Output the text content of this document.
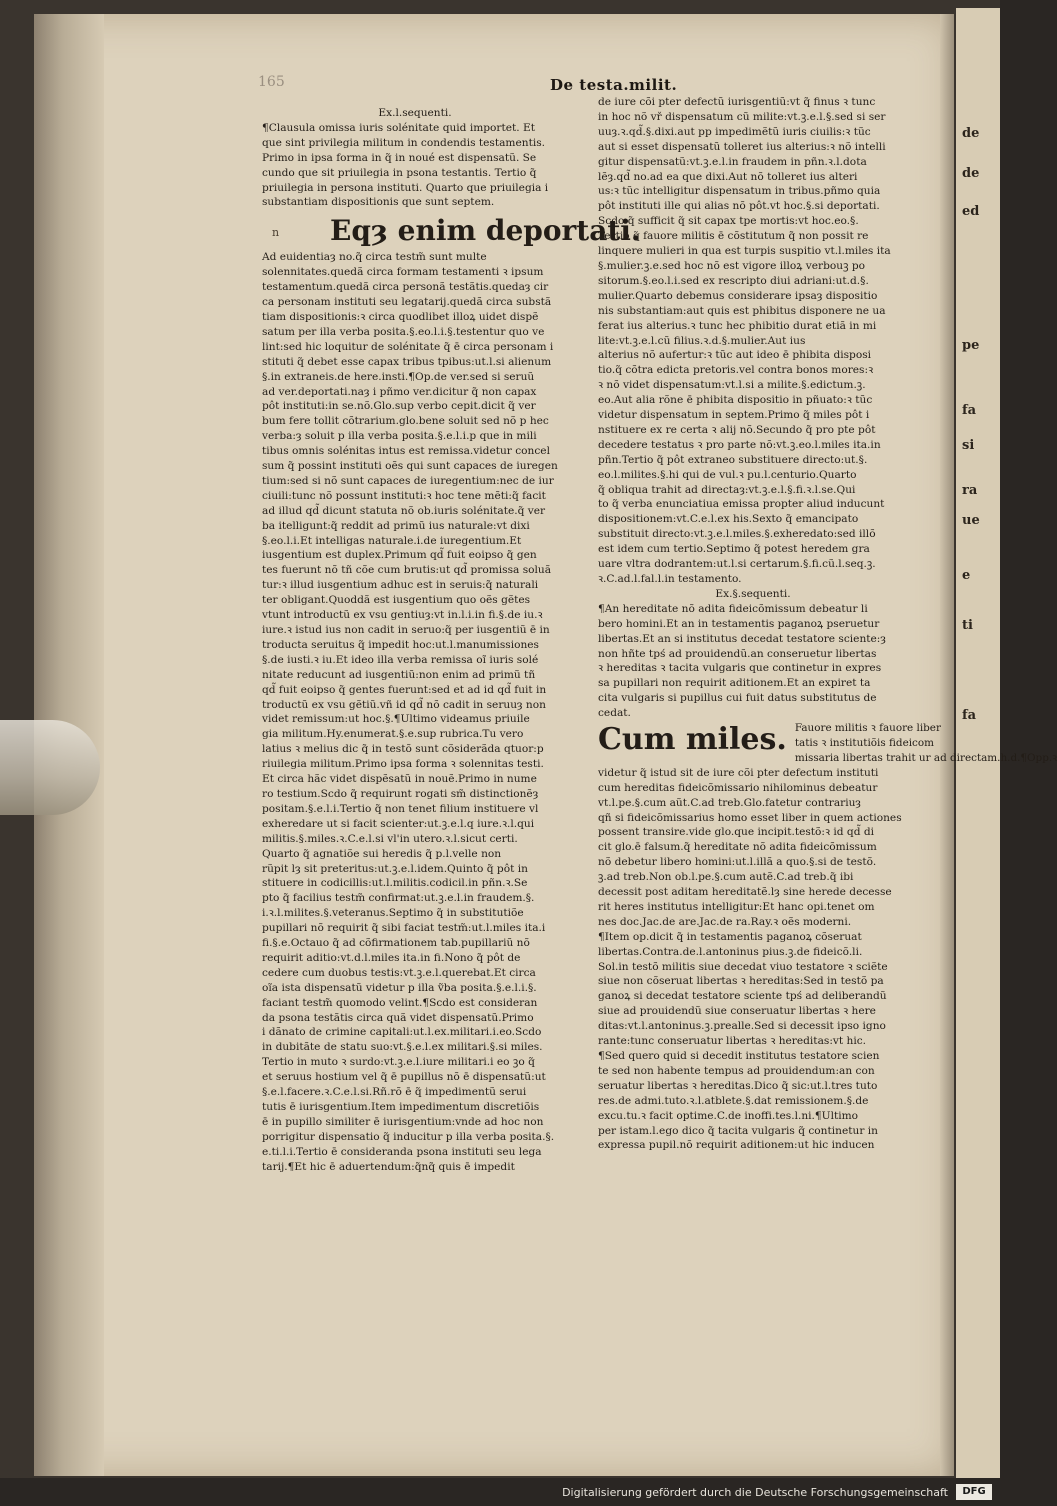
de
de
ed
pe
fa
si
ra
ue
e
ti
fa
165	De testa.milit.
Ex.l.sequenti.
¶Clausula omissa iuris solénitate quid importet. Et
que sint privilegia militum in condendis testamentis.
Primo in ipsa forma in q̃ in noué est dispensatũ. Se
cundo que sit priuilegia in psona testantis. Tertio q̃
priuilegia in persona instituti. Quarto que priuilegia i
substantiam dispositionis que sunt septem.
n	Eqȝ enim deportati.
Ad euidentiaȝ no.q̃ circa testm̃ sunt multe
solennitates.quedã circa formam testamenti ꝛ ipsum
testamentum.quedã circa personã testãtis.quedaȝ cir
ca personam instituti seu legatarij.quedã circa substã
tiam dispositionis:ꝛ circa quodlibet illoꝝ uidet dispẽ
satum per illa verba posita.§.eo.l.i.§.testentur quo ve
lint:sed hic loquitur de solénitate q̃ ē circa personam i
stituti q̃ debet esse capax tribus tpibus:ut.l.si alienum
§.in extraneis.de here.insti.¶Op.de ver.sed si seruũ
ad ver.deportati.naȝ i pñmo ver.dicitur q̃ non capax
pôt instituti:in se.nõ.Glo.sup verbo cepit.dicit q̃ ver
bum fere tollit cõtrarium.glo.bene soluit sed nõ p hec
verba:ȝ soluit p illa verba posita.§.e.l.i.p que in mili
tibus omnis solénitas intus est remissa.videtur concel
sum q̃ possint instituti oẽs qui sunt capaces de iuregen
tium:sed si nõ sunt capaces de iuregentium:nec de iur
ciuili:tunc nõ possunt instituti:ꝛ hoc tene mẽti:q̃ facit
ad illud qd̃ dicunt statuta nõ ob.iuris solénitate.q̃ ver
ba itelligunt:q̃ reddit ad primũ ius naturale:vt dixi
§.eo.l.i.Et intelligas naturale.i.de iuregentium.Et
iusgentium est duplex.Primum qd̃ fuit eoipso q̃ gen
tes fuerunt nõ tñ cõe cum brutis:ut qd̃ promissa soluã
tur:ꝛ illud iusgentium adhuc est in seruis:q̃ naturali
ter obligant.Quoddã est iusgentium quo oẽs gẽtes
vtunt introductũ ex vsu gentiuȝ:vt in.l.i.in fi.§.de iu.ꝛ
iure.ꝛ istud ius non cadit in seruo:q̃ per iusgentiũ ē in
troducta seruitus q̃ impedit hoc:ut.l.manumissiones
§.de iusti.ꝛ iu.Et ideo illa verba remissa oĩ iuris solé
nitate reducunt ad iusgentiũ:non enim ad primũ tñ
qd̃ fuit eoipso q̃ gentes fuerunt:sed et ad id qd̃ fuit in
troductũ ex vsu gẽtiũ.vñ id qd̃ nõ cadit in seruuȝ non
videt remissum:ut hoc.§.¶Ultimo videamus priuile
gia militum.Hy.enumerat.§.e.sup rubrica.Tu vero
latius ꝛ melius dic q̃ in testõ sunt cõsiderãda qtuor:p
riuilegia militum.Primo ipsa forma ꝛ solennitas testi.
Et circa hãc videt dispẽsatũ in nouẽ.Primo in nume
ro testium.Scdo q̃ requirunt rogati sm̃ distinctionẽȝ
positam.§.e.l.i.Tertio q̃ non tenet filium instituere vl
exheredare ut si facit scienter:ut.ꝫ.e.l.q iure.ꝛ.l.qui
militis.§.miles.ꝛ.C.e.l.si vl'in utero.ꝛ.l.sicut certi.
Quarto q̃ agnatiõe sui heredis q̃ p.l.velle non
rũpit lȝ sit preteritus:ut.ꝫ.e.l.idem.Quinto q̃ pôt in
stituere in codicillis:ut.l.militis.codicil.in pñn.ꝛ.Se
pto q̃ facilius testm̃ confirmat:ut.ꝫ.e.l.in fraudem.§.
i.ꝛ.l.milites.§.veteranus.Septimo q̃ in substitutiõe
pupillari nõ requirit q̃ sibi faciat testm̃:ut.l.miles ita.i
fi.§.e.Octauo q̃ ad cõfirmationem tab.pupillariũ nõ
requirit aditio:vt.d.l.miles ita.in fi.Nono q̃ pôt de
cedere cum duobus testis:vt.ꝫ.e.l.querebat.Et circa
oĩa ista dispensatũ videtur p illa ṽba posita.§.e.l.i.§.
faciant testm̃ quomodo velint.¶Scdo est consideran
da psona testãtis circa quã videt dispensatũ.Primo
i dãnato de crimine capitali:ut.l.ex.militari.i.eo.Scdo
in dubitãte de statu suo:vt.§.e.l.ex militari.§.si miles.
Tertio in muto ꝛ surdo:vt.ꝫ.e.l.iure militari.i eo ꝫo q̃
et seruus hostium vel q̃ ē pupillus nõ ē dispensatũ:ut
§.e.l.facere.ꝛ.C.e.l.si.Rñ.rõ ē q̃ impedimentũ serui
tutis ē iurisgentium.Item impedimentum discretiõis
ē in pupillo similiter ē iurisgentium:vnde ad hoc non
porrigitur dispensatio q̃ inducitur p illa verba posita.§.
e.ti.l.i.Tertio ē consideranda psona instituti seu lega
tarij.¶Et hic ē aduertendum:q̃nq̃ quis ē impedit
de iure cõi pter defectũ iurisgentiũ:vt q̃ finus ꝛ tunc
in hoc nõ vř dispensatum cũ milite:vt.ꝫ.e.l.§.sed si ser
uuȝ.ꝛ.qd̃.§.dixi.aut pp impedimẽtũ iuris ciuilis:ꝛ tũc
aut si esset dispensatũ tolleret ius alterius:ꝛ nõ intelli
gitur dispensatũ:vt.ꝫ.e.l.in fraudem in pñn.ꝛ.l.dota
lẽȝ.qd̃ no.ad ea que dixi.Aut nõ tolleret ius alteri
us:ꝛ tũc intelligitur dispensatum in tribus.pñmo quia
pôt instituti ille qui alias nõ pôt.vt hoc.§.si deportati.
Scdo q̃ sufficit q̃ sit capax tpe mortis:vt hoc.eo.§.
Tertio q̃ fauore militis ē cõstitutum q̃ non possit re
linquere mulieri in qua est turpis suspitio vt.l.miles ita
§.mulier.ꝫ.e.sed hoc nõ est vigore illoꝝ verbouꝫ po
sitorum.§.eo.l.i.sed ex rescripto diui adriani:ut.d.§.
mulier.Quarto debemus considerare ipsaȝ dispositio
nis substantiam:aut quis est phibitus disponere ne ua
ferat ius alterius.ꝛ tunc hec phibitio durat etiã in mi
lite:vt.ꝫ.e.l.cũ filius.ꝛ.d.§.mulier.Aut ius
alterius nõ aufertur:ꝛ tũc aut ideo ē phibita disposi
tio.q̃ cõtra edicta pretoris.vel contra bonos mores:ꝛ
ꝛ nõ videt dispensatum:vt.l.si a milite.§.edictum.ꝫ.
eo.Aut alia rõne ē phibita dispositio in pñuato:ꝛ tũc
videtur dispensatum in septem.Primo q̃ miles pôt i
nstituere ex re certa ꝛ alij nõ.Secundo q̃ pro pte pôt
decedere testatus ꝛ pro parte nõ:vt.ꝫ.eo.l.miles ita.in
pñn.Tertio q̃ pôt extraneo substituere directo:ut.§.
eo.l.milites.§.hi qui de vul.ꝛ pu.l.centurio.Quarto
q̃ obliqua trahit ad directaȝ:vt.ꝫ.e.l.§.fi.ꝛ.l.se.Qui
to q̃ verba enunciatiua emissa propter aliud inducunt
dispositionem:vt.C.e.l.ex his.Sexto q̃ emancipato
substituit directo:vt.ꝫ.e.l.miles.§.exheredato:sed illõ
est idem cum tertio.Septimo q̃ potest heredem gra
uare vltra dodrantem:ut.l.si certarum.§.fi.cũ.l.seq.ꝫ.
ꝛ.C.ad.l.fal.l.in testamento.
Ex.§.sequenti.
¶An hereditate nõ adita fideicõmissum debeatur li
bero homini.Et an in testamentis paganoꝝ pseruetur
libertas.Et an si institutus decedat testatore sciente:ȝ
non hñte tpś ad prouidendũ.an conseruetur libertas
ꝛ hereditas ꝛ tacita vulgaris que continetur in expres
sa pupillari non requirit aditionem.Et an expiret ta
cita vulgaris si pupillus cui fuit datus substitutus de
cedat.
Cum miles. Fauore militis ꝛ fauore liber
tatis ꝛ institutiõis fideicom
missaria libertas trahit ur ad directam.h.d.¶Opp.ꝛ
videtur q̃ istud sit de iure cõi pter defectum instituti
cum hereditas fideicõmissario nihilominus debeatur
vt.l.pe.§.cum aũt.C.ad treb.Glo.fatetur contrariuȝ
qñ si fideicõmissarius homo esset liber in quem actiones
possent transire.vide glo.que incipit.testõ:ꝛ id qd̃ di
cit glo.ē falsum.q̃ hereditate nõ adita fideicõmissum
nõ debetur libero homini:ut.l.illã a quo.§.si de testõ.
ꝫ.ad treb.Non ob.l.pe.§.cum autẽ.C.ad treb.q̃ ibi
decessit post aditam hereditatẽ.lȝ sine herede decesse
rit heres institutus intelligitur:Et hanc opi.tenet om
nes doc.Jac.de are.Jac.de ra.Ray.ꝛ oẽs moderni.
¶Item op.dicit q̃ in testamentis paganoꝝ cõseruat
libertas.Contra.de.l.antoninus pius.ꝫ.de fideicõ.li.
Sol.in testõ militis siue decedat viuo testatore ꝛ sciẽte
siue non cõseruat libertas ꝛ hereditas:Sed in testõ pa
ganoꝝ si decedat testatore sciente tpś ad deliberandũ
siue ad prouidendũ siue conseruatur libertas ꝛ here
ditas:vt.l.antoninus.ꝫ.prealle.Sed si decessit ipso igno
rante:tunc conseruatur libertas ꝛ hereditas:vt hic.
¶Sed quero quid si decedit institutus testatore scien
te sed non habente tempus ad prouidendum:an con
seruatur libertas ꝛ hereditas.Dico q̃ sic:ut.l.tres tuto
res.de admi.tuto.ꝛ.l.atblete.§.dat remissionem.§.de
excu.tu.ꝛ facit optime.C.de inoffi.tes.l.ni.¶Ultimo
per istam.l.ego dico q̃ tacita vulgaris q̃ continetur in
expressa pupil.nõ requirit aditionem:ut hic inducen
Digitalisierung gefördert durch die Deutsche Forschungsgemeinschaft	DFG
